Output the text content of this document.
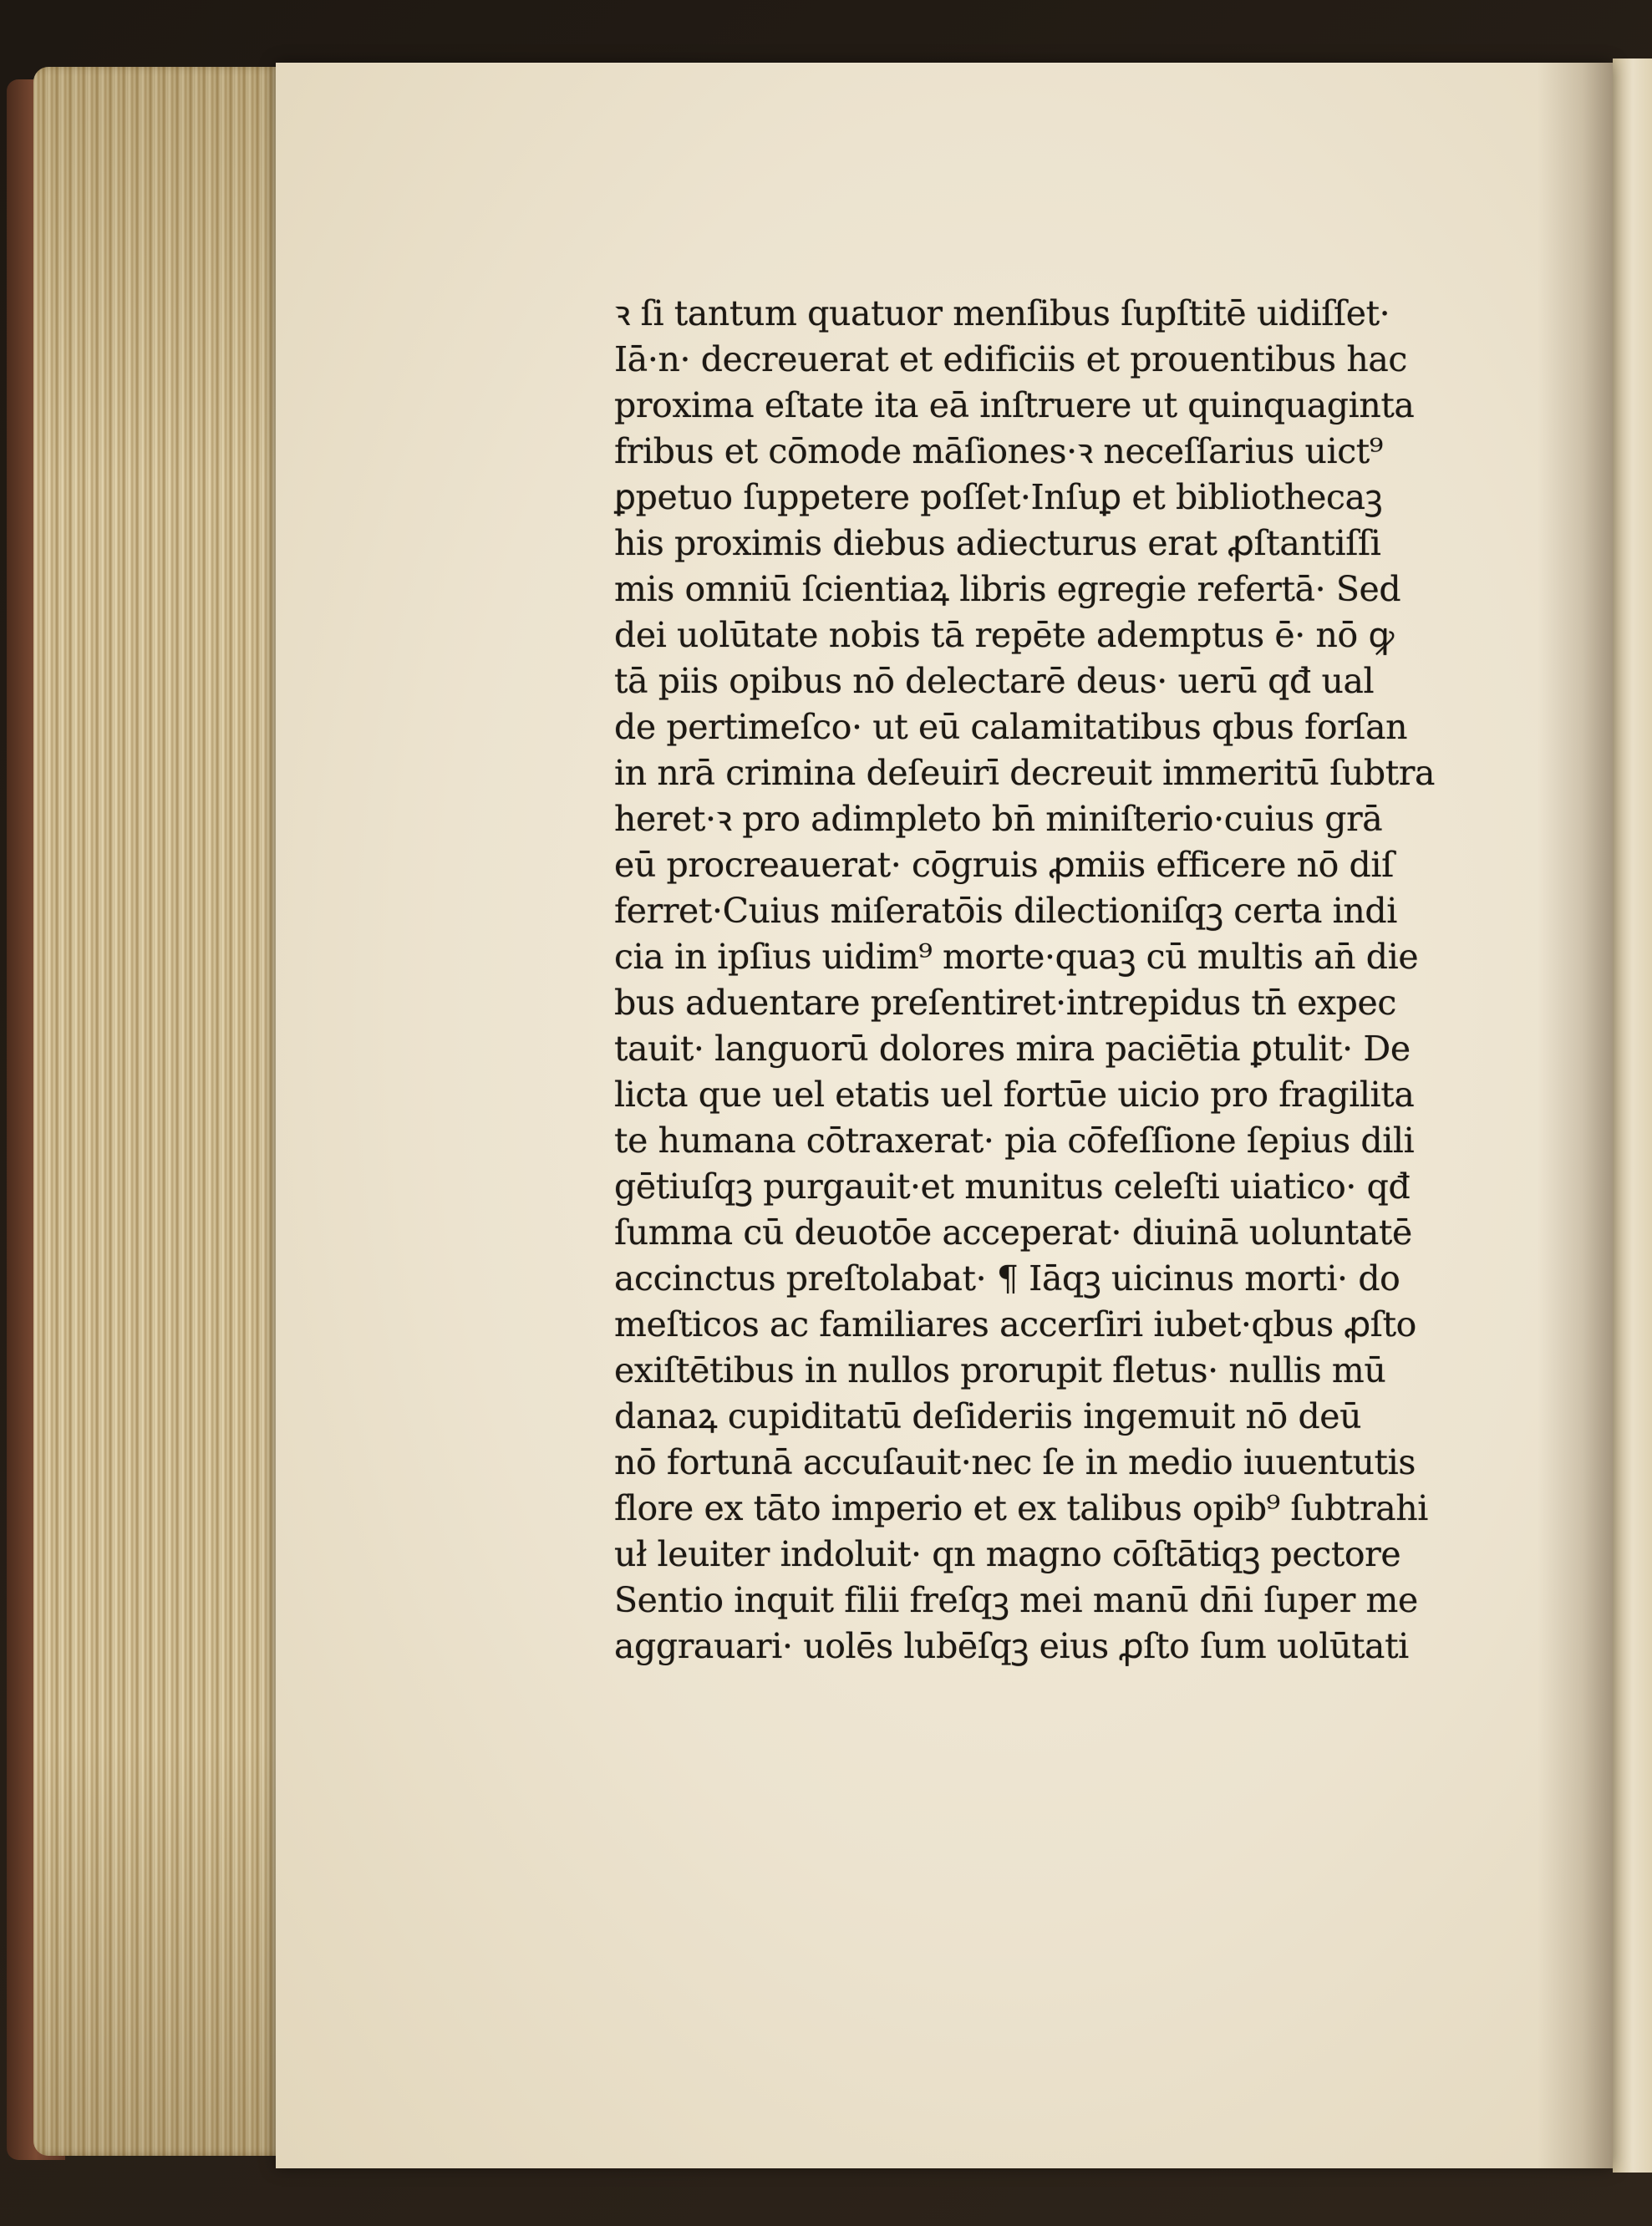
ꝛ ſi tantum quatuor menſibus ſupſtitē uidiſſet·
Iā·n· decreuerat et edificiis et prouentibus hac
proxima eſtate ita eā inſtruere ut quinquaginta
fribus et cōmode māſiones·ꝛ neceſſarius uict⁹
ꝑpetuo ſuppetere poſſet·Inſuꝑ et bibliothecaꝫ
his proximis diebus adiecturus erat ꝓſtantiſſi
mis omniū ſcientiaꝝ libris egregie refertā· Sed
dei uolūtate nobis tā repēte ademptus ē· nō ꝙ
tā piis opibus nō delectarē deus· uerū qđ ual
de pertimeſco· ut eū calamitatibus qbus forſan
in nrā crimina deſeuirī decreuit immeritū ſubtra
heret·ꝛ pro adimpleto bn̄ miniſterio·cuius grā
eū procreauerat· cōgruis ꝓmiis efficere nō diſ
ferret·Cuius miſeratōis dilectioniſqꝫ certa indi
cia in ipſius uidim⁹ morte·quaꝫ cū multis an̄ die
bus aduentare preſentiret·intrepidus tn̄ expec
tauit· languorū dolores mira paciētia ꝑtulit· De
licta que uel etatis uel fortūe uicio pro fragilita
te humana cōtraxerat· pia cōfeſſione ſepius dili
gētiuſqꝫ purgauit·et munitus celeſti uiatico· qđ
ſumma cū deuotōe acceperat· diuinā uoluntatē
accinctus preſtolabat· ¶ Iāqꝫ uicinus morti· do
meſticos ac familiares accerſiri iubet·qbus ꝓſto
exiſtētibus in nullos prorupit fletus· nullis mū
danaꝝ cupiditatū deſideriis ingemuit nō deū
nō fortunā accuſauit·nec ſe in medio iuuentutis
flore ex tāto imperio et ex talibus opib⁹ ſubtrahi
uł leuiter indoluit· qn magno cōſtātiqꝫ pectore
Sentio inquit filii freſqꝫ mei manū dn̄i ſuper me
aggrauari· uolēs lubēſqꝫ eius ꝓſto ſum uolūtati
